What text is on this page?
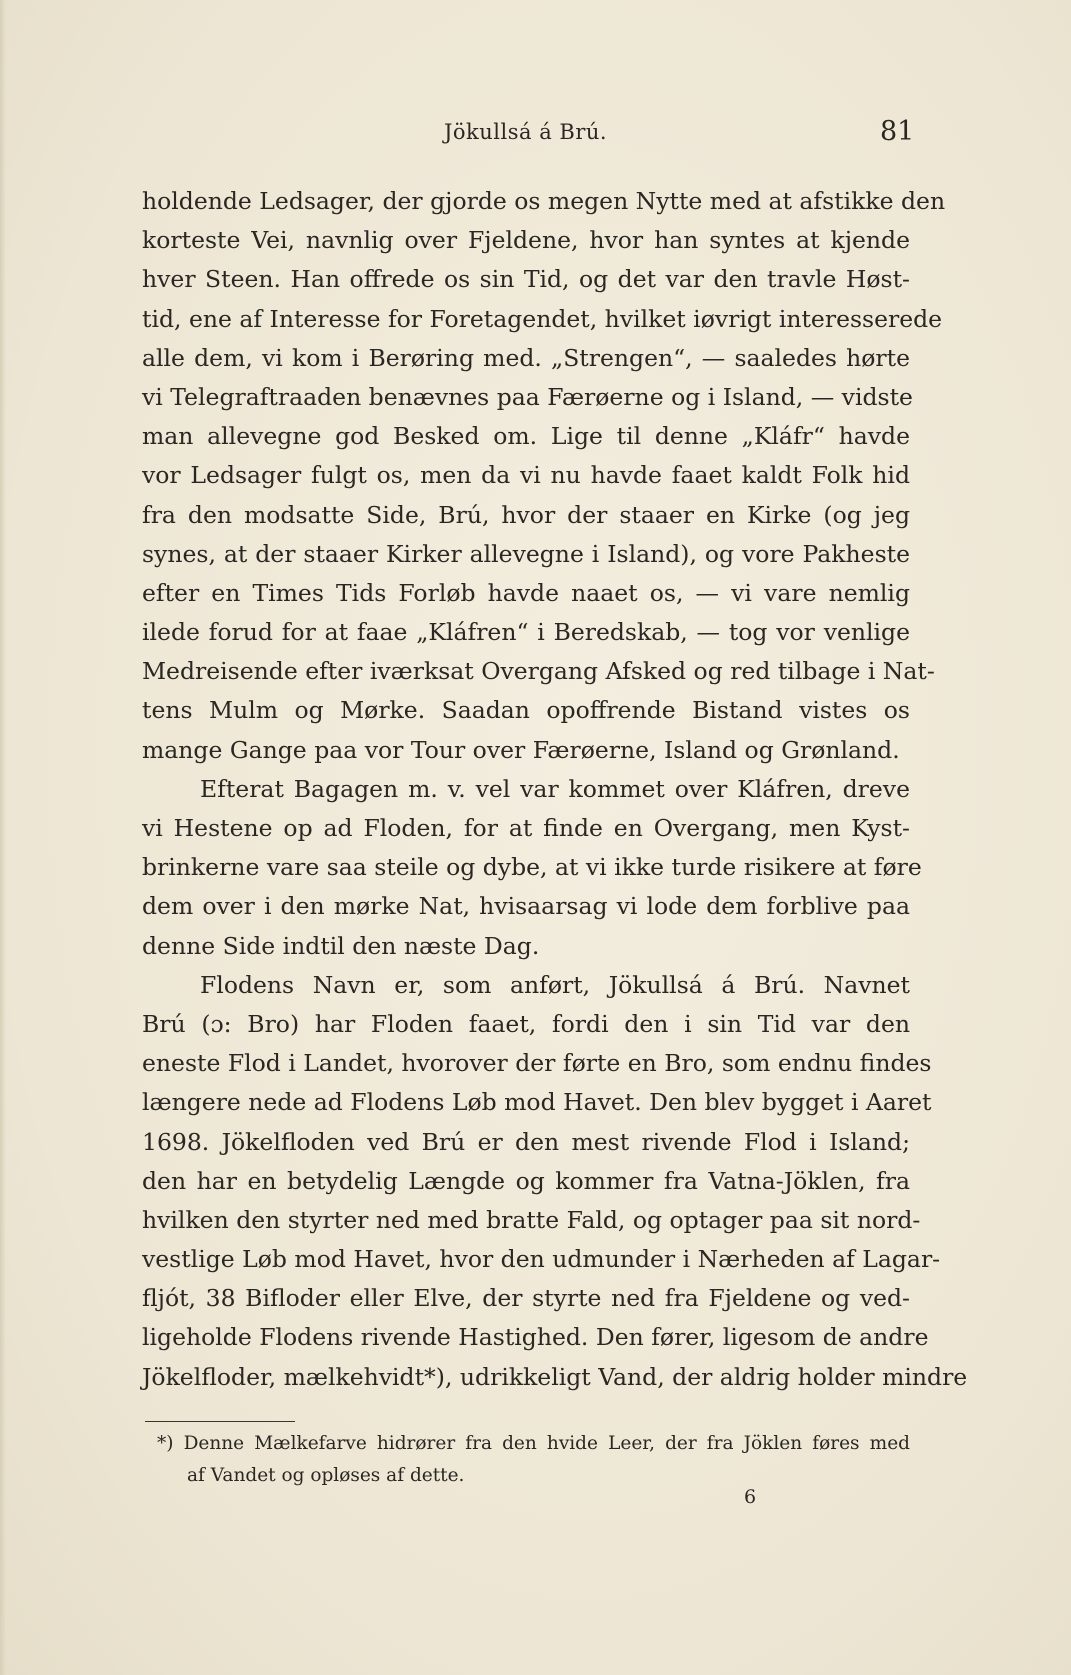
Jökullsá á Brú.	81
holdende Ledsager, der gjorde os megen Nytte med at afstikke den
korteste Vei, navnlig over Fjeldene, hvor han syntes at kjende
hver Steen. Han offrede os sin Tid, og det var den travle Høst-
tid, ene af Interesse for Foretagendet, hvilket iøvrigt interesserede
alle dem, vi kom i Berøring med. „Strengen“, — saaledes hørte
vi Telegraftraaden benævnes paa Færøerne og i Island, — vidste
man allevegne god Besked om. Lige til denne „Kláfr“ havde
vor Ledsager fulgt os, men da vi nu havde faaet kaldt Folk hid
fra den modsatte Side, Brú, hvor der staaer en Kirke (og jeg
synes, at der staaer Kirker allevegne i Island), og vore Pakheste
efter en Times Tids Forløb havde naaet os, — vi vare nemlig
ilede forud for at faae „Kláfren“ i Beredskab, — tog vor venlige
Medreisende efter iværksat Overgang Afsked og red tilbage i Nat-
tens Mulm og Mørke. Saadan opoffrende Bistand vistes os
mange Gange paa vor Tour over Færøerne, Island og Grønland.
Efterat Bagagen m. v. vel var kommet over Kláfren, dreve
vi Hestene op ad Floden, for at finde en Overgang, men Kyst-
brinkerne vare saa steile og dybe, at vi ikke turde risikere at føre
dem over i den mørke Nat, hvisaarsag vi lode dem forblive paa
denne Side indtil den næste Dag.
Flodens Navn er, som anført, Jökullsá á Brú. Navnet
Brú (ɔ: Bro) har Floden faaet, fordi den i sin Tid var den
eneste Flod i Landet, hvorover der førte en Bro, som endnu findes
længere nede ad Flodens Løb mod Havet. Den blev bygget i Aaret
1698. Jökelfloden ved Brú er den mest rivende Flod i Island;
den har en betydelig Længde og kommer fra Vatna-Jöklen, fra
hvilken den styrter ned med bratte Fald, og optager paa sit nord-
vestlige Løb mod Havet, hvor den udmunder i Nærheden af Lagar-
fljót, 38 Bifloder eller Elve, der styrte ned fra Fjeldene og ved-
ligeholde Flodens rivende Hastighed. Den fører, ligesom de andre
Jökelfloder, mælkehvidt*), udrikkeligt Vand, der aldrig holder mindre
*) Denne Mælkefarve hidrører fra den hvide Leer, der fra Jöklen føres med
af Vandet og opløses af dette.
6
